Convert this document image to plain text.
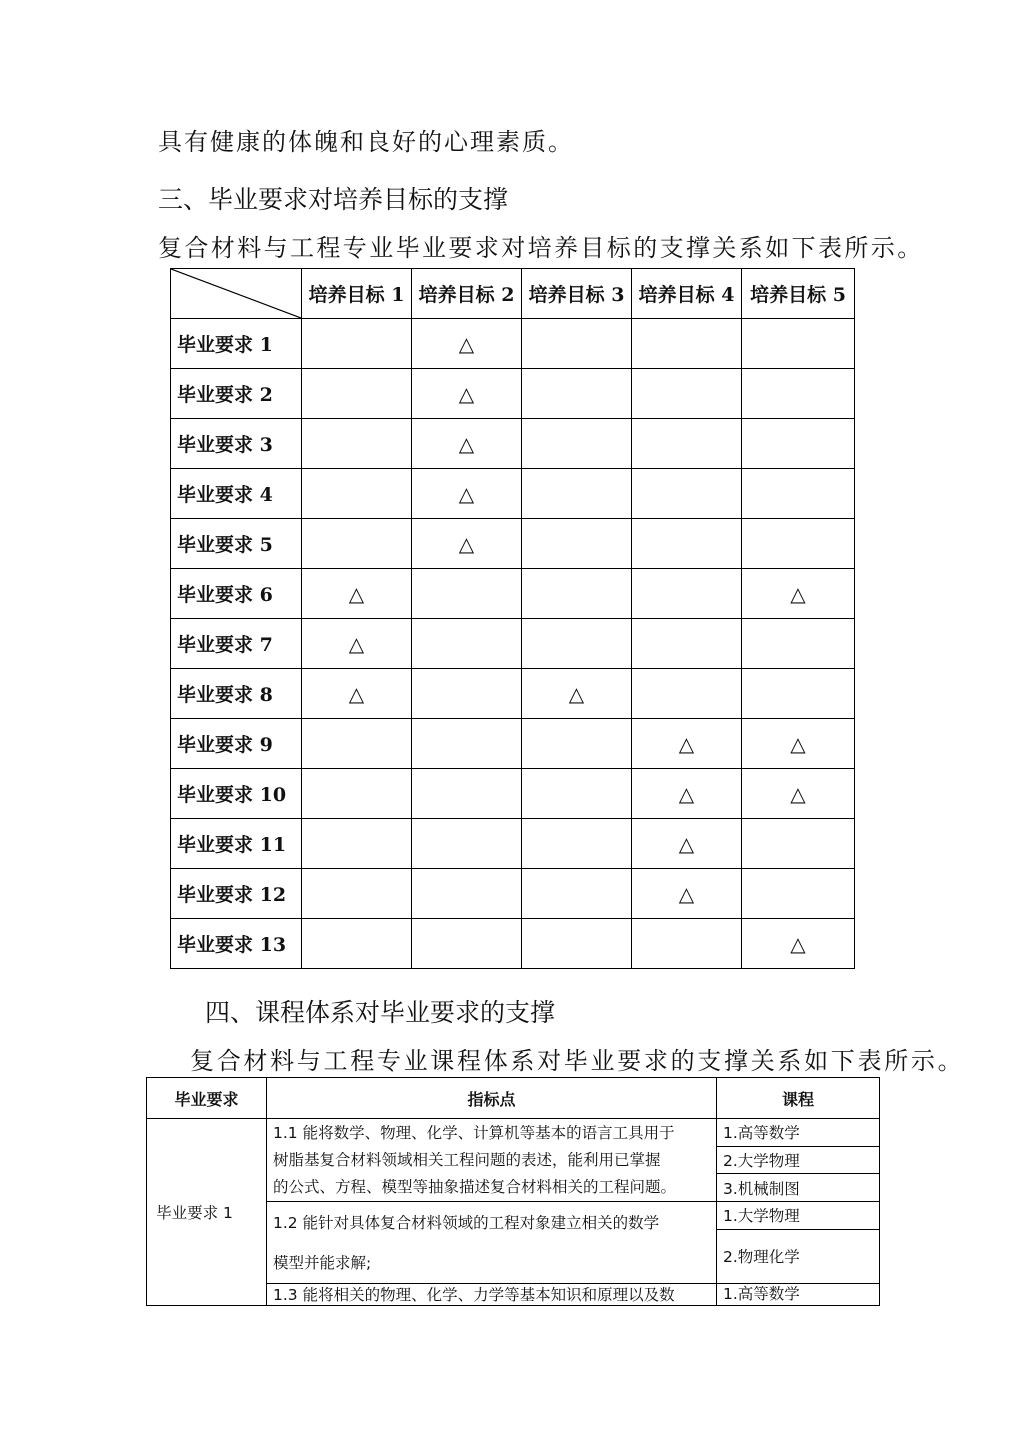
具有健康的体魄和良好的心理素质。
三、毕业要求对培养目标的支撑
复合材料与工程专业毕业要求对培养目标的支撑关系如下表所示。
	培养目标 1	培养目标 2	培养目标 3	培养目标 4	培养目标 5
毕业要求 1		△			
毕业要求 2		△			
毕业要求 3		△			
毕业要求 4		△			
毕业要求 5		△			
毕业要求 6	△				△
毕业要求 7	△				
毕业要求 8	△		△		
毕业要求 9				△	△
毕业要求 10				△	△
毕业要求 11				△	
毕业要求 12				△	
毕业要求 13					△
四、课程体系对毕业要求的支撑
复合材料与工程专业课程体系对毕业要求的支撑关系如下表所示。
毕业要求	指标点	课程
毕业要求 1	1.1 能将数学、物理、化学、计算机等基本的语言工具用于
树脂基复合材料领域相关工程问题的表述，能利用已掌握
的公式、方程、模型等抽象描述复合材料相关的工程问题。	1.高等数学
		2.大学物理
		3.机械制图

	1.2 能针对具体复合材料领域的工程对象建立相关的数学
模型并能求解;	1.大学物理
		2.物理化学

	1.3 能将相关的物理、化学、力学等基本知识和原理以及数	1.高等数学
